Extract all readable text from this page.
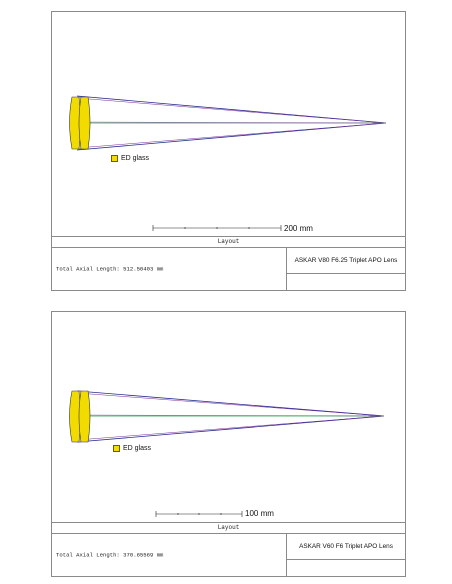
ED glass
200 mm
Layout
Total Axial Length: 512.50403 mm
ASKAR V80 F6.25 Triplet APO Lens
ED glass
100 mm
Layout
Total Axial Length: 370.65569 mm
ASKAR V60 F6 Triplet APO Lens
